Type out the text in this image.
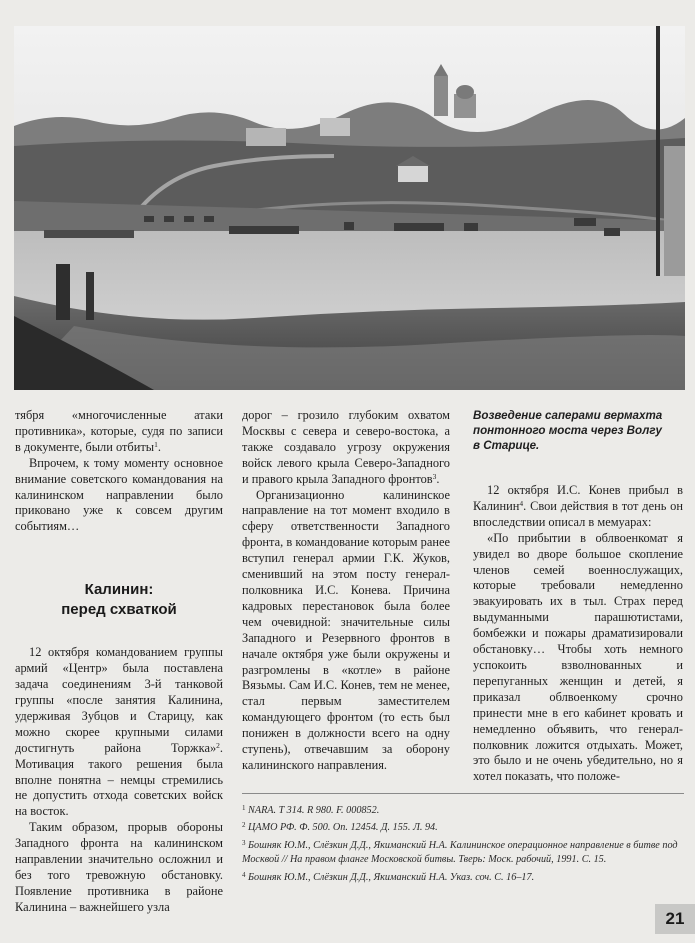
тября «многочисленные атаки противника», которые, судя по записи в документе, были отбиты$^1$.

Впрочем, к тому моменту основное внимание советского командования на калининском направлении было приковано уже к совсем другим событиям…

12 октября командованием группы армий «Центр» была поставлена задача соединениям 3-й танковой группы «после занятия Калинина, удерживая Зубцов и Старицу, как можно скорее крупными силами достигнуть района Торжка»$^2$. Мотивация такого решения была вполне понятна – немцы стремились не допустить отхода советских войск на восток.

Таким образом, прорыв обороны Западного фронта на калининском направлении значительно осложнил и без того тревожную обстановку. Появление противника в районе Калинина – важнейшего узла

Калинин:
перед схваткой

дорог – грозило глубоким охватом Москвы с севера и северо-востока, а также создавало угрозу окружения войск левого крыла Северо-Западного и правого крыла Западного фронтов$^3$.

Организационно калининское направление на тот момент входило в сферу ответственности Западного фронта, в командование которым ранее вступил генерал армии Г.К. Жуков, сменивший на этом посту генерал-полковника И.С. Конева. Причина кадровых перестановок была более чем очевидной: значительные силы Западного и Резервного фронтов в начале октября уже были окружены и разгромлены в «котле» в районе Вязьмы. Сам И.С. Конев, тем не менее, стал первым заместителем командующего фронтом (то есть был понижен в должности всего на одну ступень), отвечавшим за оборону калининского направления.

Возведение саперами вермахта
понтонного моста через Волгу
в Старице.

12 октября И.С. Конев прибыл в Калинин$^4$. Свои действия в тот день он впоследствии описал в мемуарах:

«По прибытии в облвоенкомат я увидел во дворе большое скопление членов семей военнослужащих, которые требовали немедленно эвакуировать их в тыл. Страх перед выдуманными парашютистами, бомбежки и пожары драматизировали обстановку… Чтобы хоть немного успокоить взволнованных и перепуганных женщин и детей, я приказал облвоенкому срочно принести мне в его кабинет кровать и немедленно объявить, что генерал-полковник ложится отдыхать. Может, это было и не очень убедительно, но я хотел показать, что положе-

$^1$ NARA. T 314. R 980. F. 000852.
$^2$ ЦАМО РФ. Ф. 500. Оп. 12454. Д. 155. Л. 94.
$^3$ Бошняк Ю.М., Слёзкин Д.Д., Якиманский Н.А. Калининское операционное направление в битве под Москвой // На правом фланге Московской битвы. Тверь: Моск. рабочий, 1991. С. 15.
$^4$ Бошняк Ю.М., Слёзкин Д.Д., Якиманский Н.А. Указ. соч. С. 16–17.
21
